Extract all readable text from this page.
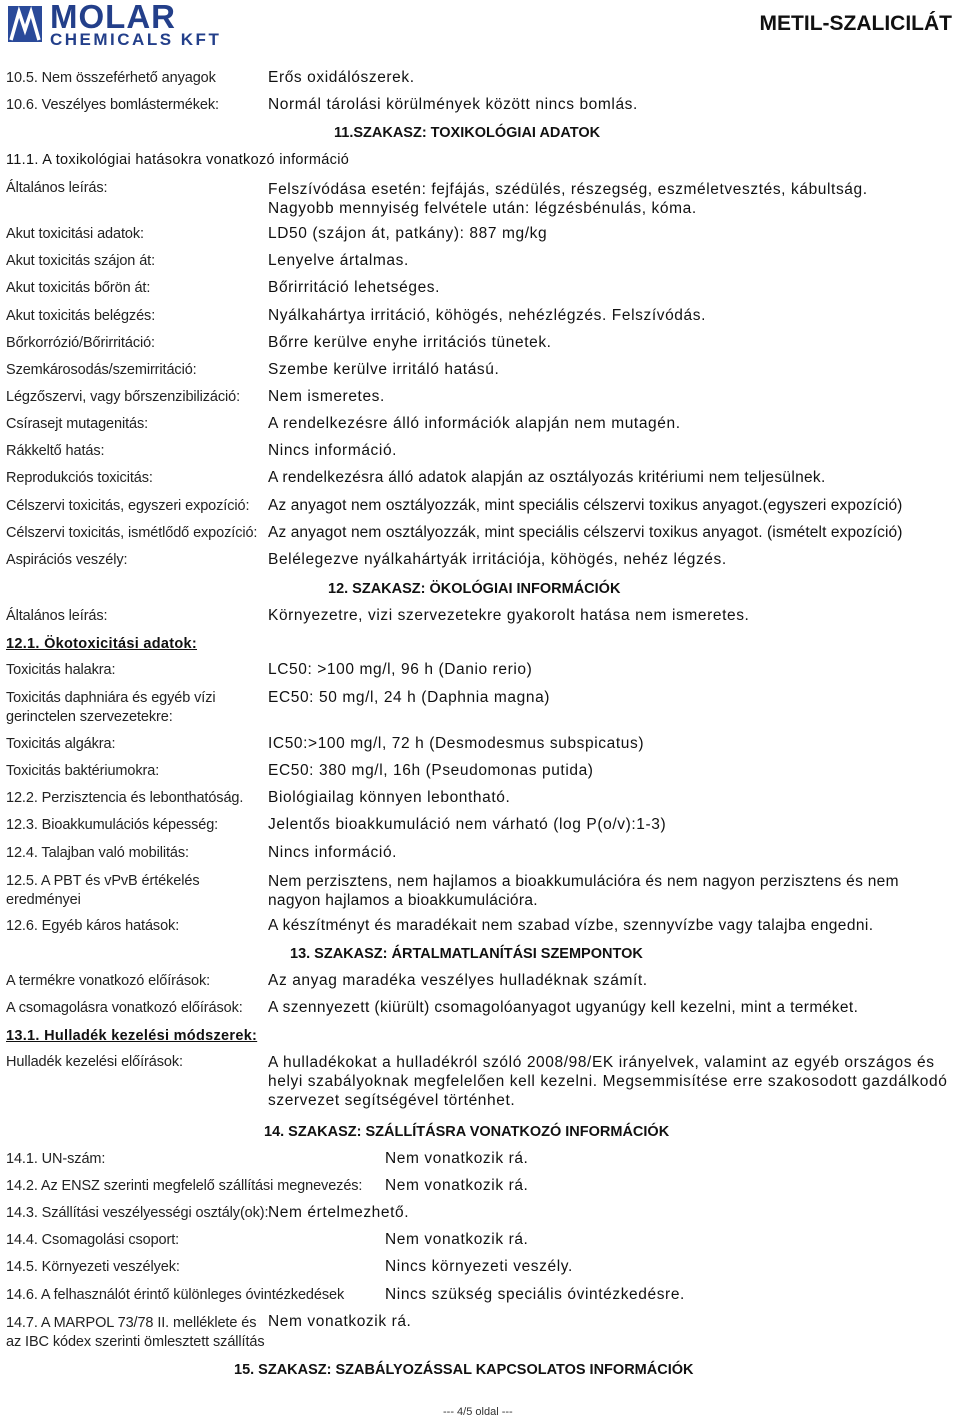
MOLAR
CHEMICALS KFT
METIL-SZALICILÁT
10.5. Nem összeférhető anyagok	Erős oxidálószerek.
10.6. Veszélyes bomlástermékek:	Normál tárolási körülmények között nincs bomlás.
11.SZAKASZ: TOXIKOLÓGIAI ADATOK
11.1. A toxikológiai hatásokra vonatkozó információ
Általános leírás:	Felszívódása esetén: fejfájás, szédülés, részegség, eszméletvesztés, kábultság. Nagyobb mennyiség felvétele után: légzésbénulás, kóma.
Akut toxicitási adatok:	LD50 (szájon át, patkány): 887 mg/kg
Akut toxicitás szájon át:	Lenyelve ártalmas.
Akut toxicitás bőrön át:	Bőrirritáció lehetséges.
Akut toxicitás belégzés:	Nyálkahártya irritáció, köhögés, nehézlégzés. Felszívódás.
Bőrkorrózió/Bőrirritáció:	Bőrre kerülve enyhe irritációs tünetek.
Szemkárosodás/szemirritáció:	Szembe kerülve irritáló hatású.
Légzőszervi, vagy bőrszenzibilizáció: Nem ismeretes.
Csírasejt mutagenitás:	A rendelkezésre álló információk alapján nem mutagén.
Rákkeltő hatás:	Nincs információ.
Reprodukciós toxicitás:	A rendelkezésra álló adatok alapján az osztályozás kritériumi nem teljesülnek.
Célszervi toxicitás, egyszeri expozíció: Az anyagot nem osztályozzák, mint speciális célszervi toxikus anyagot.(egyszeri expozíció)
Célszervi toxicitás, ismétlődő expozíció: Az anyagot nem osztályozzák, mint speciális célszervi toxikus anyagot. (ismételt expozíció)
Aspirációs veszély:	Belélegezve nyálkahártyák irritációja, köhögés, nehéz légzés.
12. SZAKASZ: ÖKOLÓGIAI INFORMÁCIÓK
Általános leírás:	Környezetre, vizi szervezetekre gyakorolt hatása nem ismeretes.
12.1. Ökotoxicitási adatok:
Toxicitás halakra:	LC50: >100 mg/l, 96 h (Danio rerio)
Toxicitás daphniára és egyéb vízi gerinctelen szervezetekre:
EC50: 50 mg/l, 24 h (Daphnia magna)
Toxicitás algákra:	IC50:>100 mg/l, 72 h (Desmodesmus subspicatus)
Toxicitás baktériumokra:	EC50: 380 mg/l, 16h (Pseudomonas putida)
12.2. Perzisztencia és lebonthatóság. Biológiailag könnyen lebontható.
12.3. Bioakkumulációs képesség:	Jelentős bioakkumuláció nem várható (log P(o/v):1-3)
12.4. Talajban való mobilitás:	Nincs információ.
12.5. A PBT és vPvB értékelés eredményei
Nem perzisztens, nem hajlamos a bioakkumulációra és nem nagyon perzisztens és nem nagyon hajlamos a bioakkumulációra.
12.6. Egyéb káros hatások:	A készítményt és maradékait nem szabad vízbe, szennyvízbe vagy talajba engedni.
13. SZAKASZ: ÁRTALMATLANÍTÁSI SZEMPONTOK
A termékre vonatkozó előírások:	Az anyag maradéka veszélyes hulladéknak számít.
A csomagolásra vonatkozó előírások: A szennyezett (kiürült) csomagolóanyagot ugyanúgy kell kezelni, mint a terméket.
13.1. Hulladék kezelési módszerek:
Hulladék kezelési előírások:	A hulladékokat a hulladékról szóló 2008/98/EK irányelvek, valamint az egyéb országos és helyi szabályoknak megfelelően kell kezelni. Megsemmisítése erre szakosodott gazdálkodó szervezet segítségével történhet.
14. SZAKASZ: SZÁLLÍTÁSRA VONATKOZÓ INFORMÁCIÓK
14.1. UN-szám:	Nem vonatkozik rá.
14.2. Az ENSZ szerinti megfelelő szállítási megnevezés: Nem vonatkozik rá.
14.3. Szállítási veszélyességi osztály(ok): Nem értelmezhető.
14.4. Csomagolási csoport:	Nem vonatkozik rá.
14.5. Környezeti veszélyek:	Nincs környezeti veszély.
14.6. A felhasználót érintő különleges óvintézkedések	Nincs szükség speciális óvintézkedésre.
14.7. A MARPOL 73/78 II. melléklete és az IBC kódex szerinti ömlesztett szállítás
Nem vonatkozik rá.
15. SZAKASZ: SZABÁLYOZÁSSAL KAPCSOLATOS INFORMÁCIÓK
--- 4/5 oldal ---
